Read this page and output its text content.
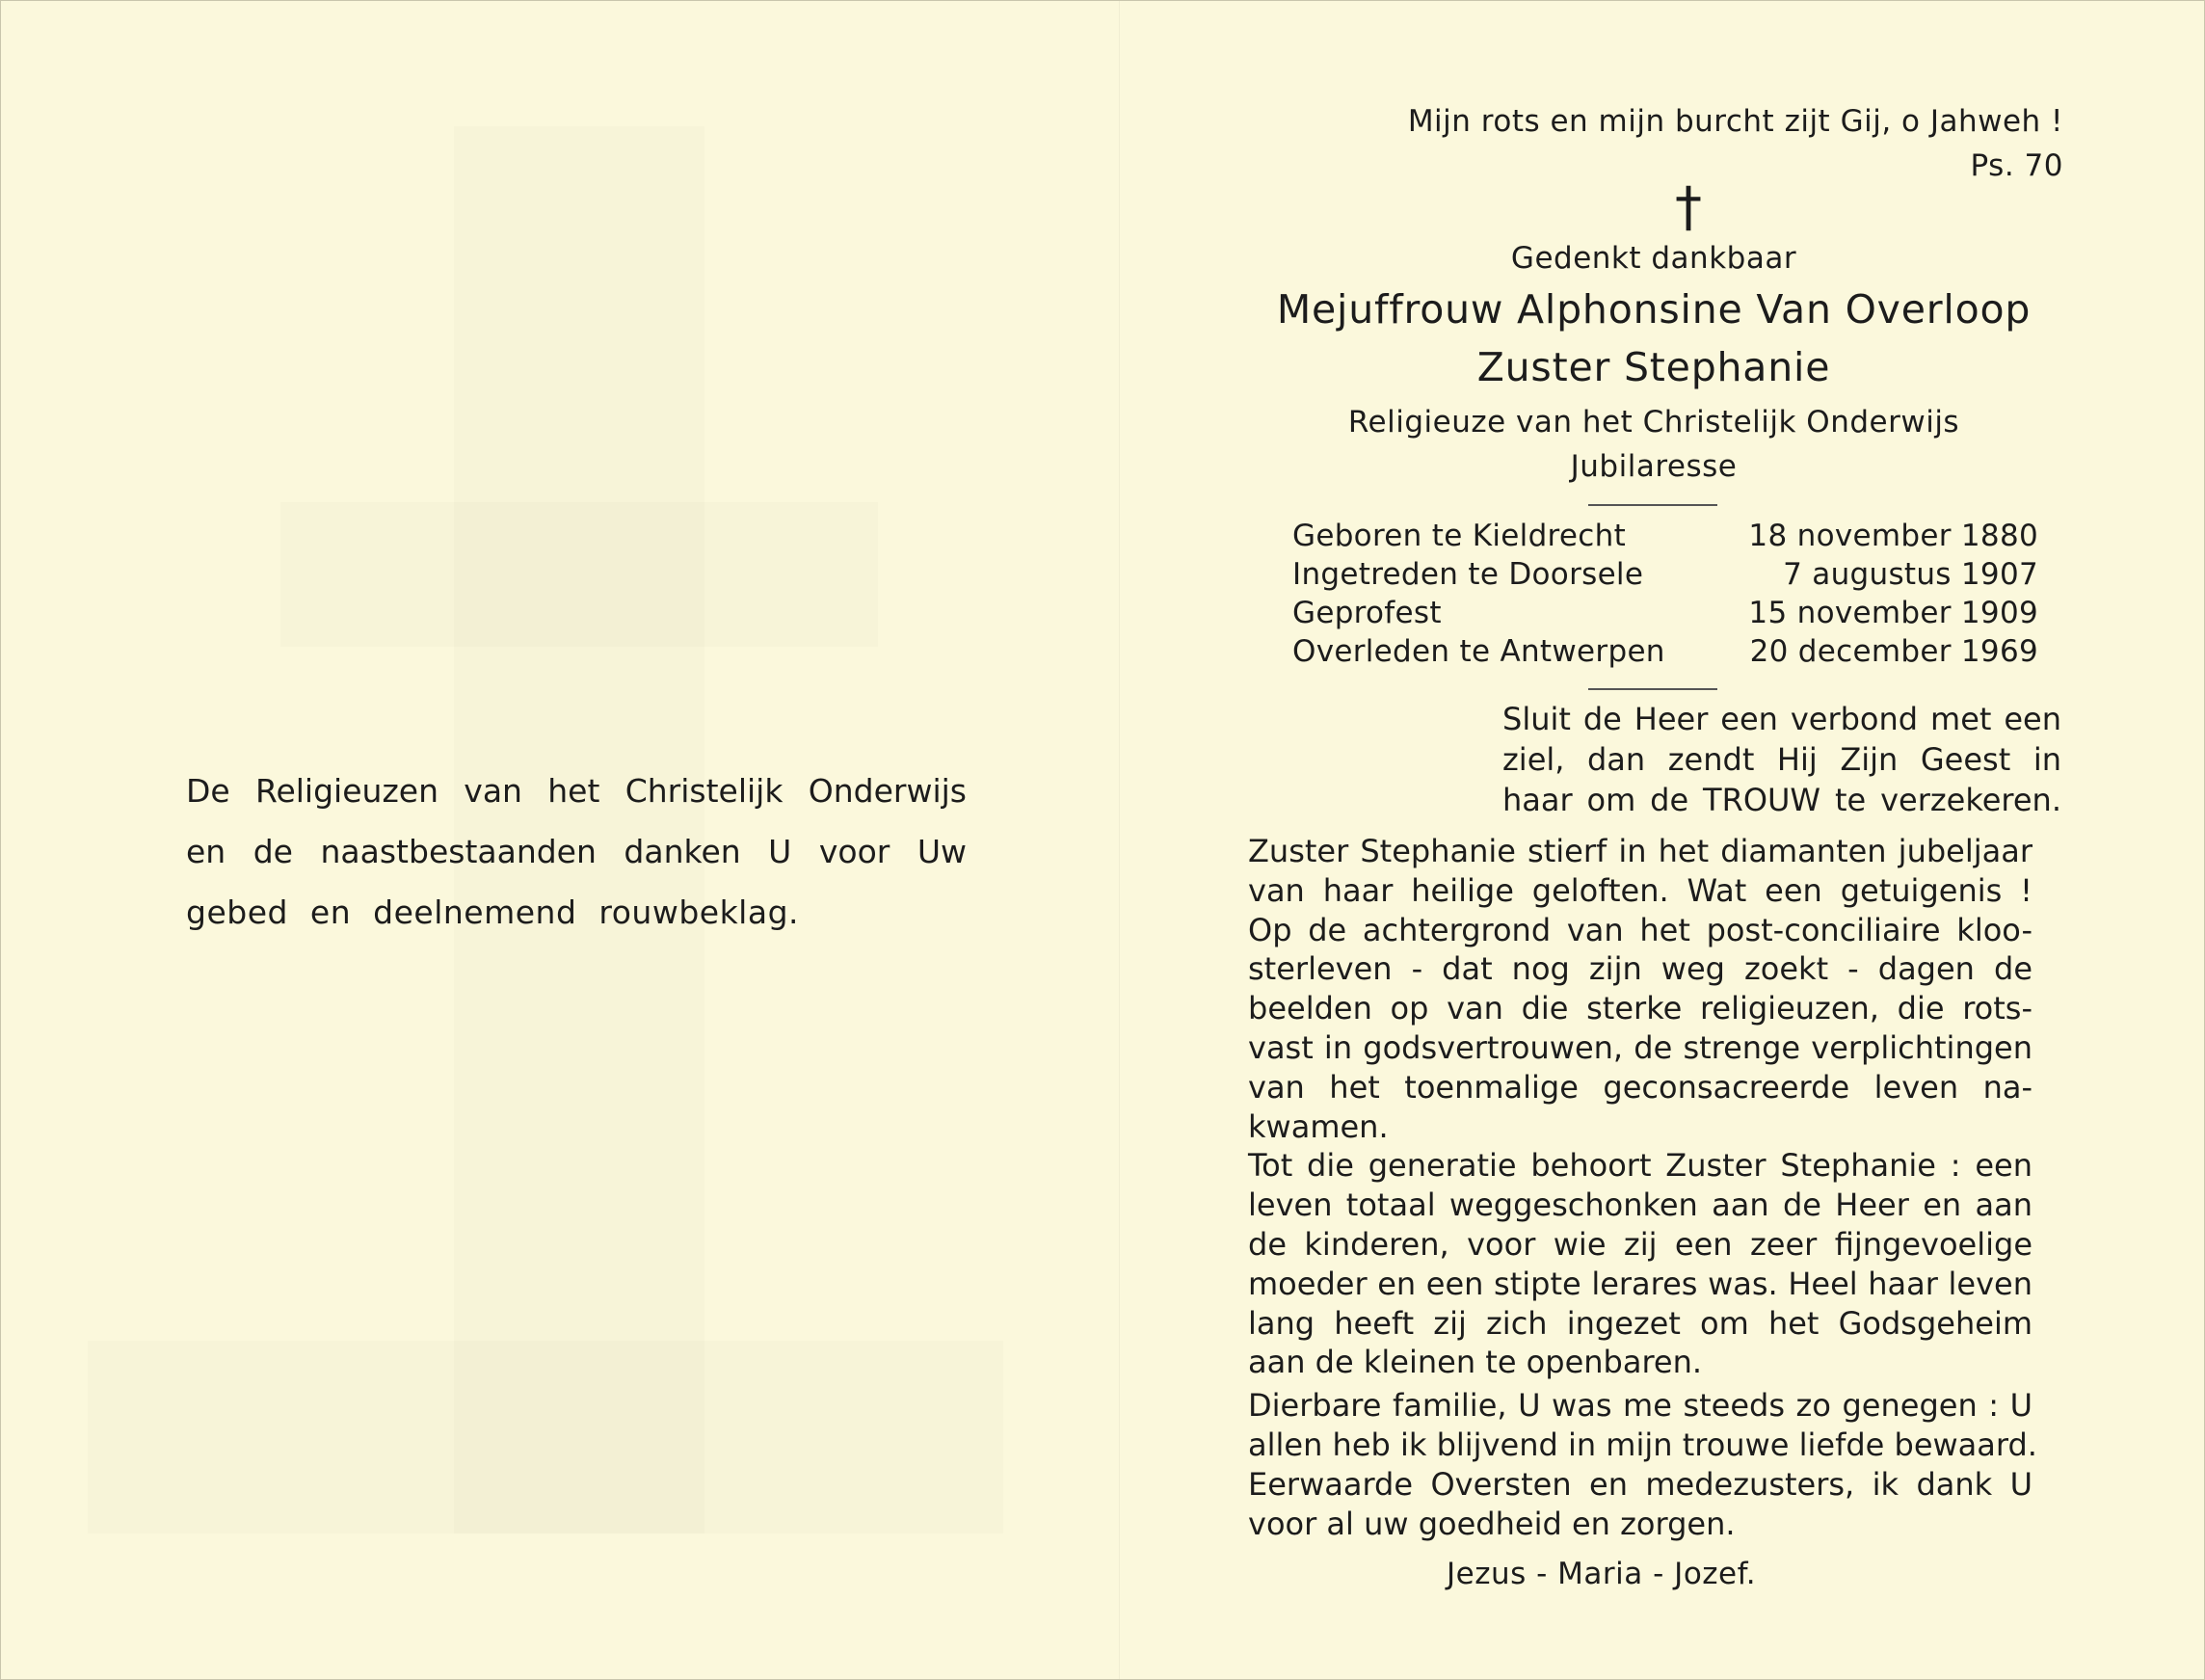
De Religieuzen van het Christelijk Onderwijs
en de naastbestaanden danken U voor Uw
gebed en deelnemend rouwbeklag.
Mijn rots en mijn burcht zijt Gij, o Jahweh !
Ps. 70
†
Gedenkt dankbaar
Mejuffrouw Alphonsine Van Overloop
Zuster Stephanie
Religieuze van het Christelijk Onderwijs
Jubilaresse
Geboren te Kieldrecht	18 november 1880
Ingetreden te Doorsele	7 augustus 1907
Geprofest	15 november 1909
Overleden te Antwerpen	20 december 1969
Sluit de Heer een verbond met een
ziel, dan zendt Hij Zijn Geest in
haar om de TROUW te verzekeren.
Zuster Stephanie stierf in het diamanten jubeljaar
van haar heilige geloften. Wat een getuigenis !
Op de achtergrond van het post-conciliaire kloo-
sterleven - dat nog zijn weg zoekt - dagen de
beelden op van die sterke religieuzen, die rots-
vast in godsvertrouwen, de strenge verplichtingen
van het toenmalige geconsacreerde leven na-
kwamen.
Tot die generatie behoort Zuster Stephanie : een
leven totaal weggeschonken aan de Heer en aan
de kinderen, voor wie zij een zeer fijngevoelige
moeder en een stipte lerares was. Heel haar leven
lang heeft zij zich ingezet om het Godsgeheim
aan de kleinen te openbaren.
Dierbare familie, U was me steeds zo genegen : U
allen heb ik blijvend in mijn trouwe liefde bewaard.
Eerwaarde Oversten en medezusters, ik dank U
voor al uw goedheid en zorgen.
Jezus - Maria - Jozef.
